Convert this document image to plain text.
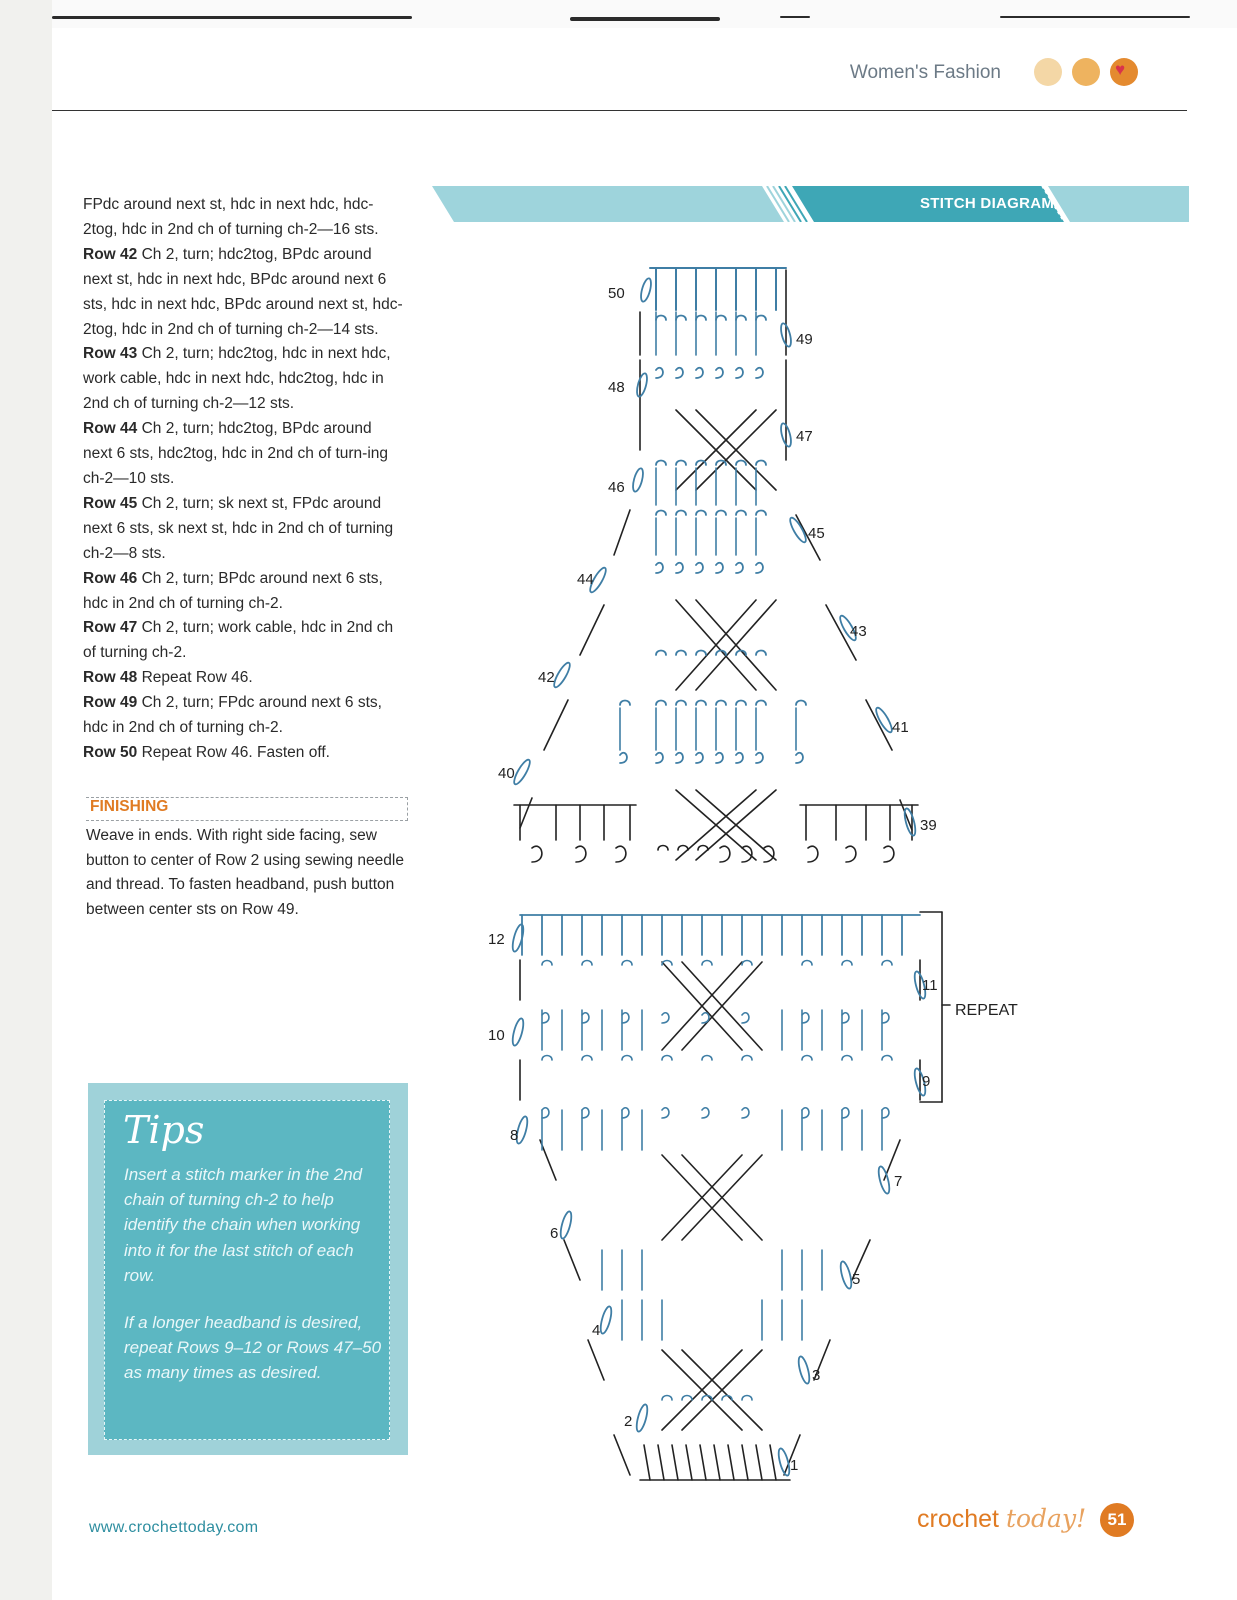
Women's Fashion	♥

FPdc around next st, hdc in next hdc, hdc-2tog, hdc in 2nd ch of turning ch-2—16 sts.

Row 42 Ch 2, turn; hdc2tog, BPdc around next st, hdc in next hdc, BPdc around next 6 sts, hdc in next hdc, BPdc around next st, hdc-2tog, hdc in 2nd ch of turning ch-2—14 sts.

Row 43 Ch 2, turn; hdc2tog, hdc in next hdc, work cable, hdc in next hdc, hdc2tog, hdc in 2nd ch of turning ch-2—12 sts.

Row 44 Ch 2, turn; hdc2tog, BPdc around next 6 sts, hdc2tog, hdc in 2nd ch of turn-ing ch-2—10 sts.

Row 45 Ch 2, turn; sk next st, FPdc around next 6 sts, sk next st, hdc in 2nd ch of turning ch-2—8 sts.

Row 46 Ch 2, turn; BPdc around next 6 sts, hdc in 2nd ch of turning ch-2.

Row 47 Ch 2, turn; work cable, hdc in 2nd ch of turning ch-2.

Row 48 Repeat Row 46.

Row 49 Ch 2, turn; FPdc around next 6 sts, hdc in 2nd ch of turning ch-2.

Row 50 Repeat Row 46. Fasten off.

FINISHING
Weave in ends. With right side facing, sew button to center of Row 2 using sewing needle and thread. To fasten headband, push button between center sts on Row 49.
STITCH DIAGRAM
50
48
46
44
42
40
49
47
45
43
41
39
12
10
8
6
4
2
11
9
7
5
3
1
REPEAT
Tips
Insert a stitch marker in the 2nd chain of turning ch-2 to help identify the chain when working into it for the last stitch of each row.
If a longer headband is desired, repeat Rows 9–12 or Rows 47–50 as many times as desired.
www.crochettoday.com	crochet today!	51
